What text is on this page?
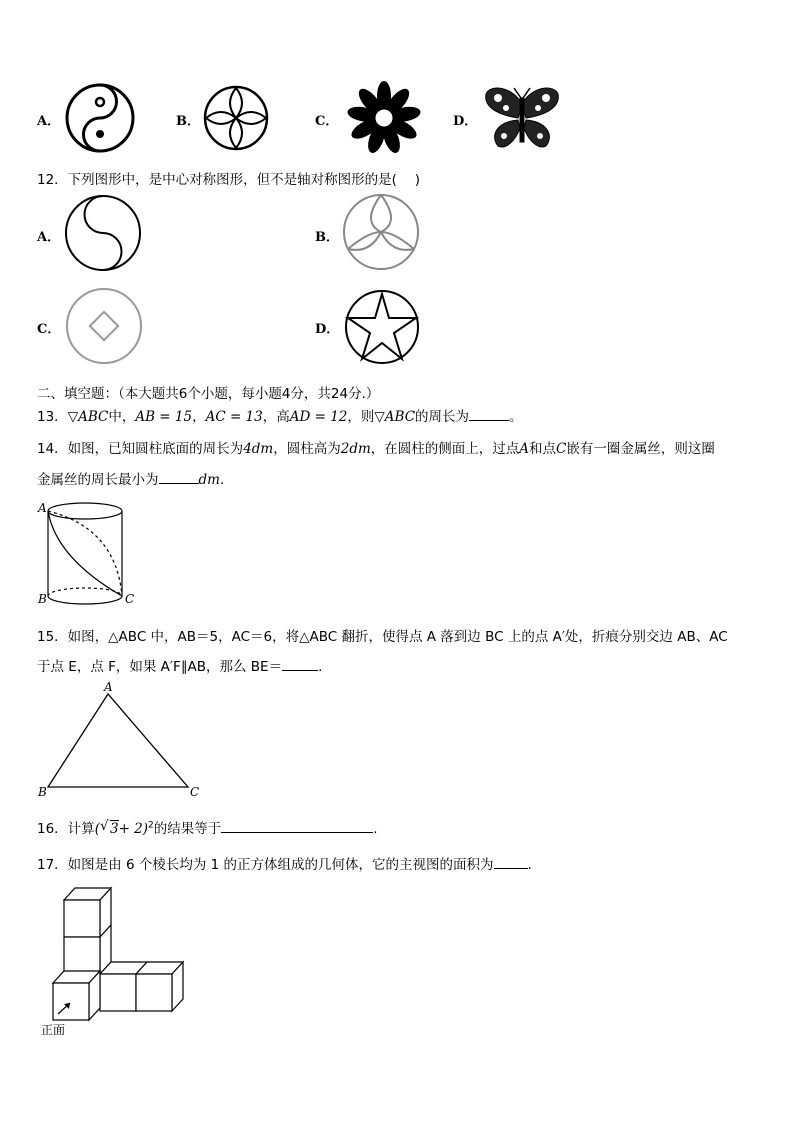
A．	B．	C．	D．
12．下列图形中，是中心对称图形，但不是轴对称图形的是(　 )
A．	B．
C．	D．
二、填空题：（本大题共6个小题，每小题4分，共24分.）
13．▽ABC中，AB = 15，AC = 13，高AD = 12，则▽ABC的周长为	。
14．如图，已知圆柱底面的周长为4dm，圆柱高为2dm，在圆柱的侧面上，过点A和点C嵌有一圈金属丝，则这圈
金属丝的周长最小为	dm.
A
B	C
15．如图，△ABC 中，AB＝5，AC＝6，将△ABC 翻折，使得点 A 落到边 BC 上的点 A′处，折痕分别交边 AB、AC
于点 E，点 F，如果 A′F∥AB，那么 BE＝	.
A
B	C
16．计算( √ 3+ 2)$^2$的结果等于	.
17．如图是由 6 个棱长均为 1 的正方体组成的几何体，它的主视图的面积为	.
正面
